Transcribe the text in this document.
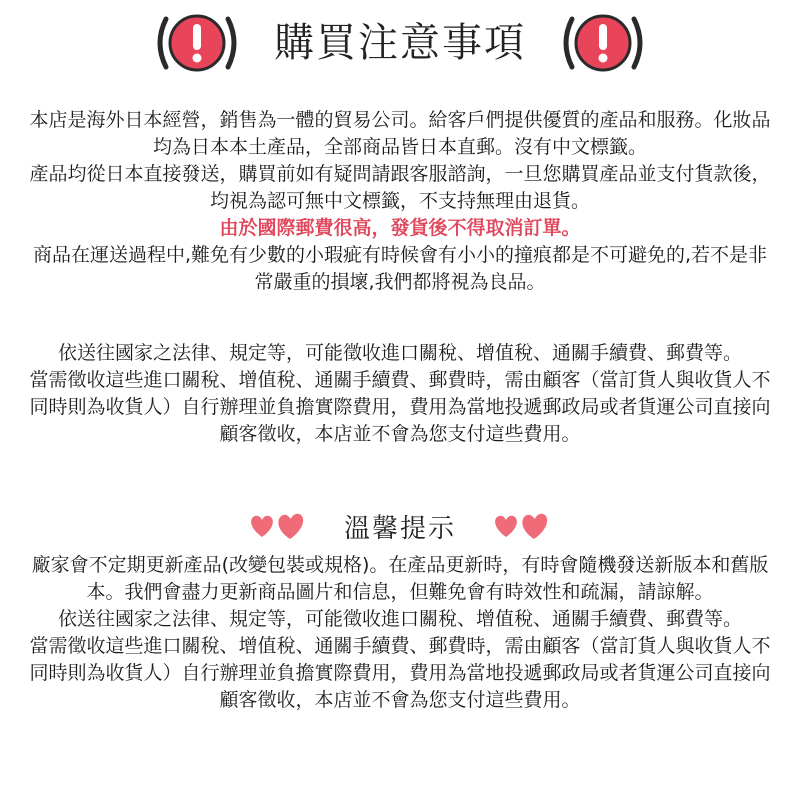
購買注意事項

本店是海外日本經營，銷售為一體的貿易公司。給客戶們提供優質的產品和服務。化妝品均為日本本土產品，全部商品皆日本直郵。沒有中文標籤。

產品均從日本直接發送，購買前如有疑問請跟客服諮詢，一旦您購買產品並支付貨款後，均視為認可無中文標籤，不支持無理由退貨。

由於國際郵費很高，發貨後不得取消訂單。

商品在運送過程中,難免有少數的小瑕疵有時候會有小小的撞痕都是不可避免的,若不是非常嚴重的損壞,我們都將視為良品。

依送往國家之法律、規定等，可能徵收進口關稅、增值稅、通關手續費、郵費等。

當需徵收這些進口關稅、增值稅、通關手續費、郵費時，需由顧客（當訂貨人與收貨人不同時則為收貨人）自行辦理並負擔實際費用，費用為當地投遞郵政局或者貨運公司直接向顧客徵收，本店並不會為您支付這些費用。

溫馨提示

廠家會不定期更新產品(改變包裝或規格)。在產品更新時，有時會隨機發送新版本和舊版本。我們會盡力更新商品圖片和信息，但難免會有時效性和疏漏，請諒解。

依送往國家之法律、規定等，可能徵收進口關稅、增值稅、通關手續費、郵費等。

當需徵收這些進口關稅、增值稅、通關手續費、郵費時，需由顧客（當訂貨人與收貨人不同時則為收貨人）自行辦理並負擔實際費用，費用為當地投遞郵政局或者貨運公司直接向顧客徵收，本店並不會為您支付這些費用。
